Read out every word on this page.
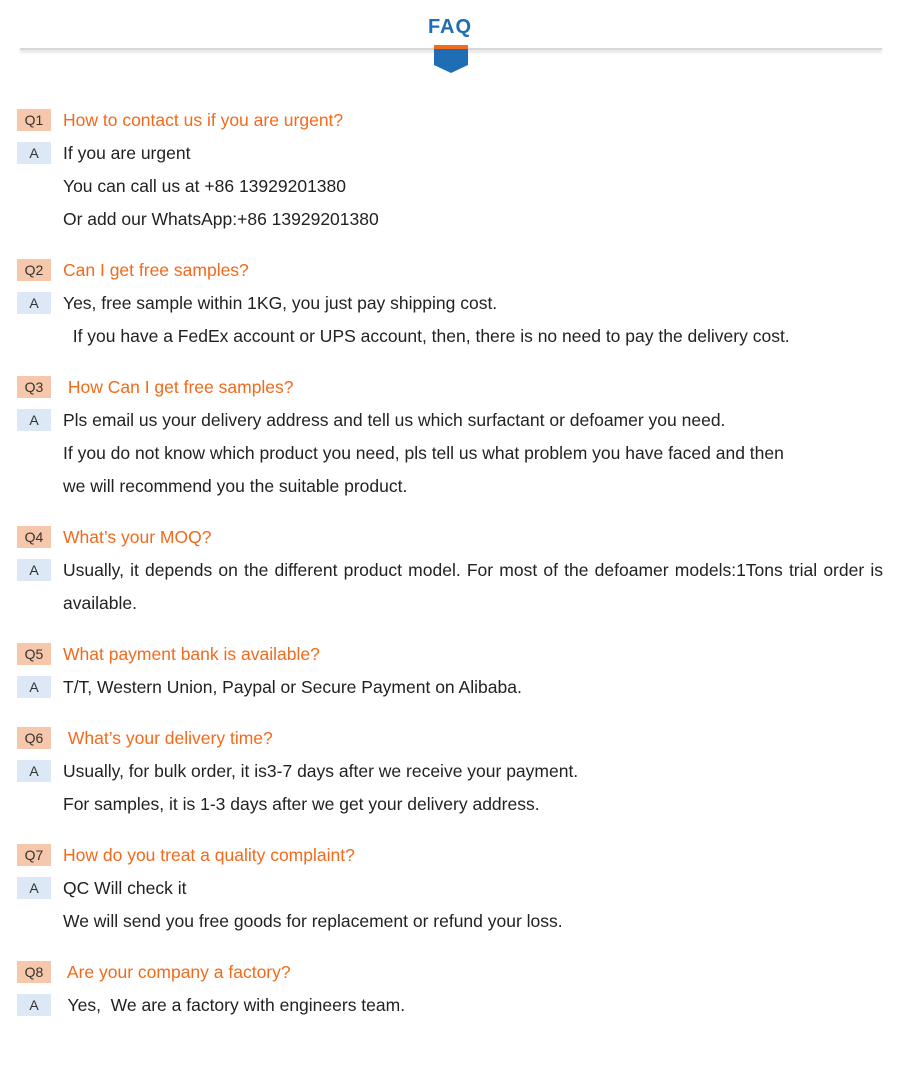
FAQ
Q1	How to contact us if you are urgent?
A	If you are urgent
You can call us at +86 13929201380
Or add our WhatsApp:+86 13929201380
Q2	Can I get free samples?
A	Yes, free sample within 1KG, you just pay shipping cost.
If you have a FedEx account or UPS account, then, there is no need to pay the delivery cost.
Q3	How Can I get free samples?
A	Pls email us your delivery address and tell us which surfactant or defoamer you need.
If you do not know which product you need, pls tell us what problem you have faced and then
we will recommend you the suitable product.
Q4	What’s your MOQ?
A	Usually, it depends on the different product model. For most of the defoamer models:1Tons trial order is available.
Q5	What payment bank is available?
A	T/T, Western Union, Paypal or Secure Payment on Alibaba.
Q6	What’s your delivery time?
A	Usually, for bulk order, it is3-7 days after we receive your payment.
For samples, it is 1-3 days after we get your delivery address.
Q7	How do you treat a quality complaint?
A	QC Will check it
We will send you free goods for replacement or refund your loss.
Q8	Are your company a factory?
A	Yes,  We are a factory with engineers team.
